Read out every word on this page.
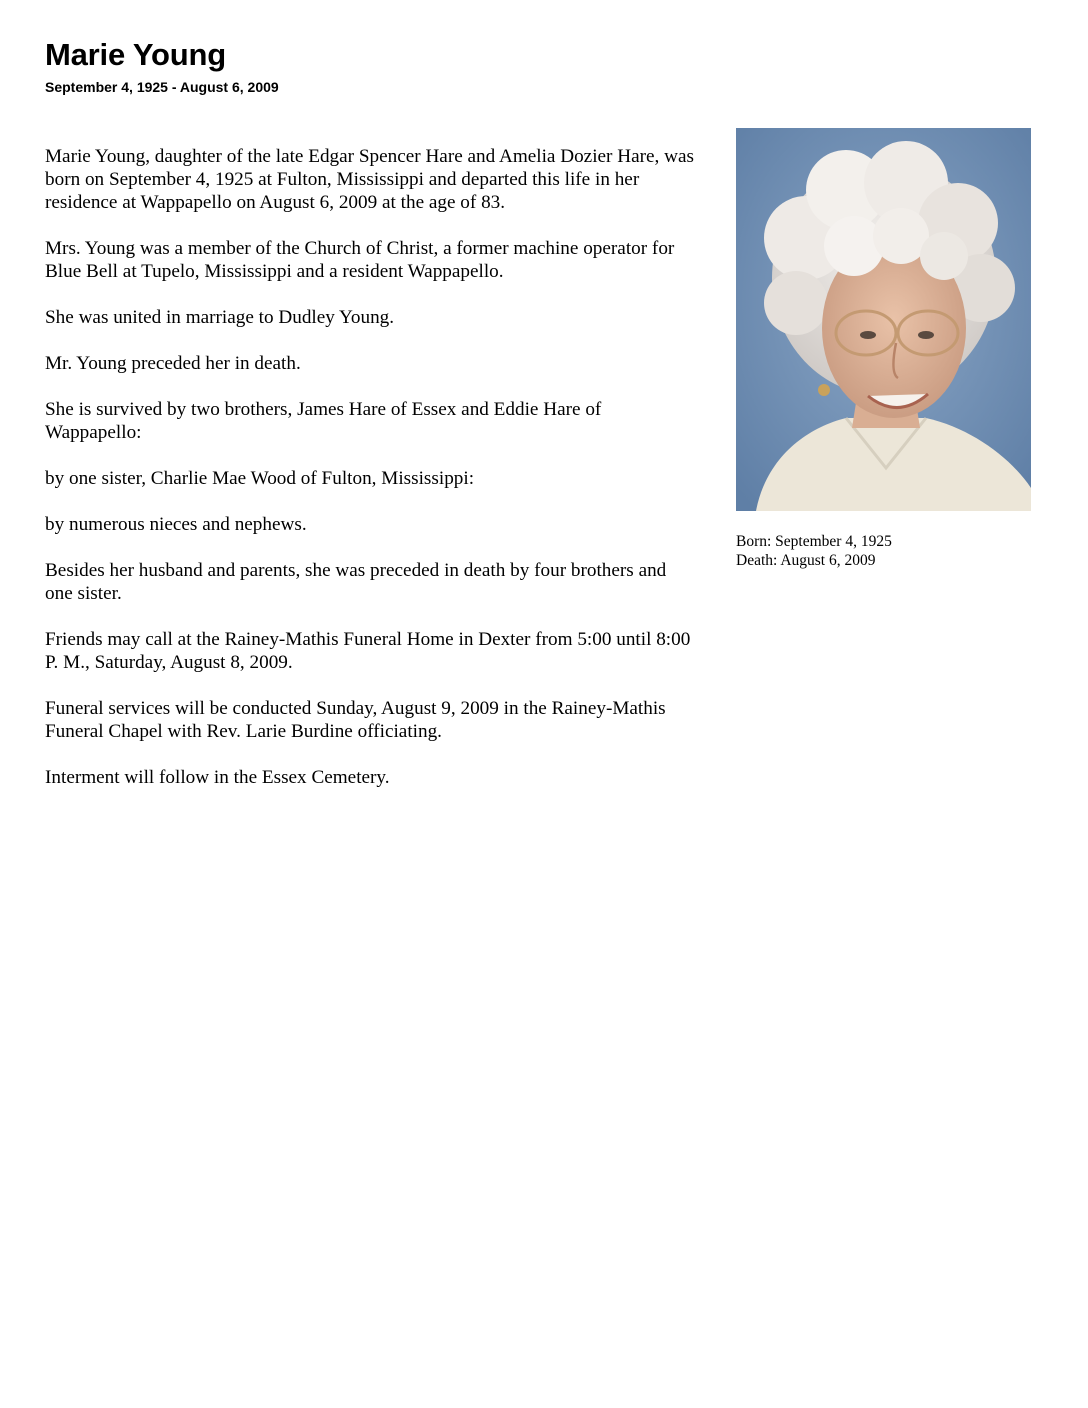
Marie Young
September 4, 1925 - August 6, 2009

Marie Young, daughter of the late Edgar Spencer Hare and Amelia Dozier Hare, was born on September 4, 1925 at Fulton, Mississippi and departed this life in her residence at Wappapello on August 6, 2009 at the age of 83.

Mrs. Young was a member of the Church of Christ, a former machine operator for Blue Bell at Tupelo, Mississippi and a resident Wappapello.

She was united in marriage to Dudley Young.

Mr. Young preceded her in death.

She is survived by two brothers, James Hare of Essex and Eddie Hare of Wappapello:

by one sister, Charlie Mae Wood of Fulton, Mississippi:

by numerous nieces and nephews.

Besides her husband and parents, she was preceded in death by four brothers and one sister.

Friends may call at the Rainey-Mathis Funeral Home in Dexter from 5:00 until 8:00 P. M., Saturday, August 8, 2009.

Funeral services will be conducted Sunday, August 9, 2009 in the Rainey-Mathis Funeral Chapel with Rev. Larie Burdine officiating.

Interment will follow in the Essex Cemetery.

Born: September 4, 1925
Death: August 6, 2009
